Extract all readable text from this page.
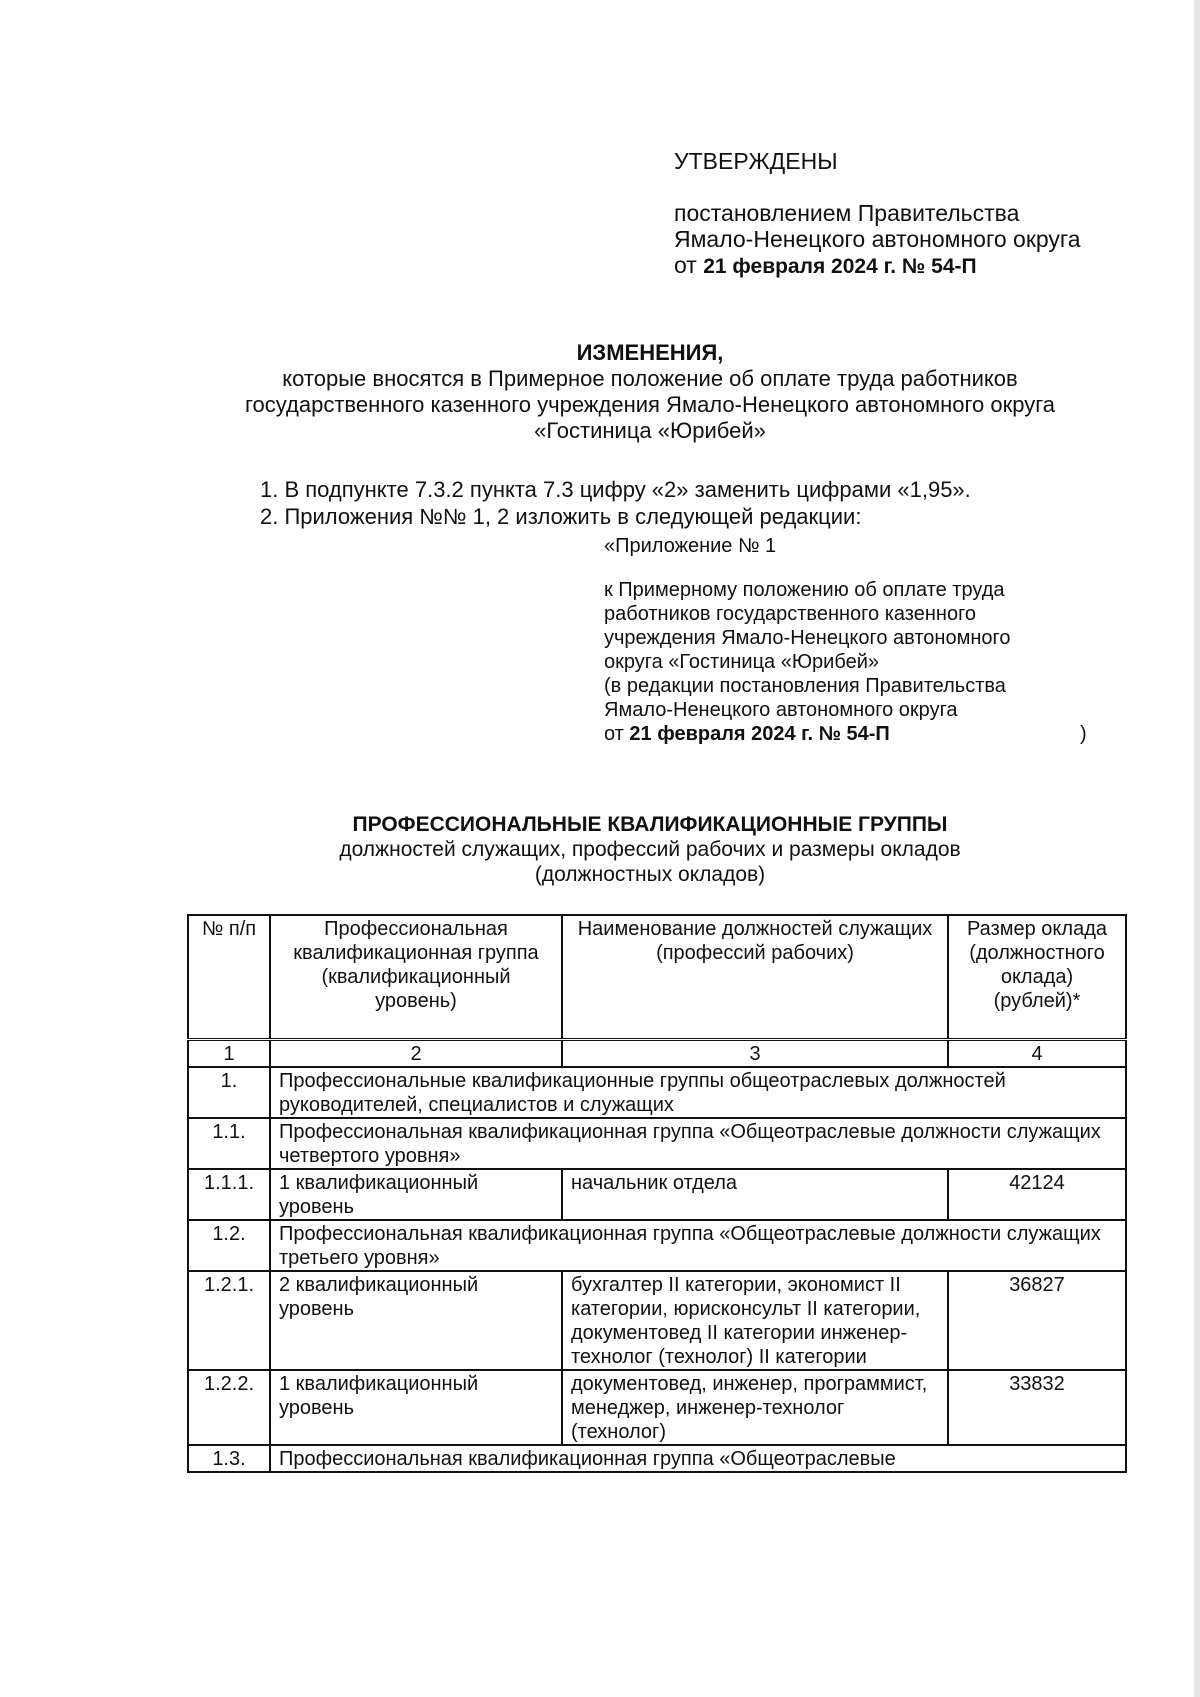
УТВЕРЖДЕНЫ
постановлением Правительства
Ямало-Ненецкого автономного округа
от 21 февраля 2024 г. № 54-П
ИЗМЕНЕНИЯ,
которые вносятся в Примерное положение об оплате труда работников
государственного казенного учреждения Ямало-Ненецкого автономного округа
«Гостиница «Юрибей»
1. В подпункте 7.3.2 пункта 7.3 цифру «2» заменить цифрами «1,95».
2. Приложения №№ 1, 2 изложить в следующей редакции:
«Приложение № 1
к Примерному положению об оплате труда
работников государственного казенного
учреждения Ямало-Ненецкого автономного
округа «Гостиница «Юрибей»
(в редакции постановления Правительства
Ямало-Ненецкого автономного округа
от 21 февраля 2024 г. № 54-П	)
ПРОФЕССИОНАЛЬНЫЕ КВАЛИФИКАЦИОННЫЕ ГРУППЫ
должностей служащих, профессий рабочих и размеры окладов
(должностных окладов)
№ п/п	Профессиональная квалификационная группа (квалификационный уровень)	Наименование должностей служащих (профессий рабочих)	Размер оклада (должностного оклада) (рублей)*
1	2	3	4
1.	Профессиональные квалификационные группы общеотраслевых должностей руководителей, специалистов и служащих		
1.1.	Профессиональная квалификационная группа «Общеотраслевые должности служащих четвертого уровня»		
1.1.1.	1 квалификационный уровень	начальник отдела	42124
1.2.	Профессиональная квалификационная группа «Общеотраслевые должности служащих третьего уровня»		
1.2.1.	2 квалификационный уровень	бухгалтер II категории, экономист II категории, юрисконсульт II категории, документовед II категории инженер-технолог (технолог) II категории	36827
1.2.2.	1 квалификационный уровень	документовед, инженер, программист, менеджер, инженер-технолог (технолог)	33832
1.3.	Профессиональная квалификационная группа «Общеотраслевые		
